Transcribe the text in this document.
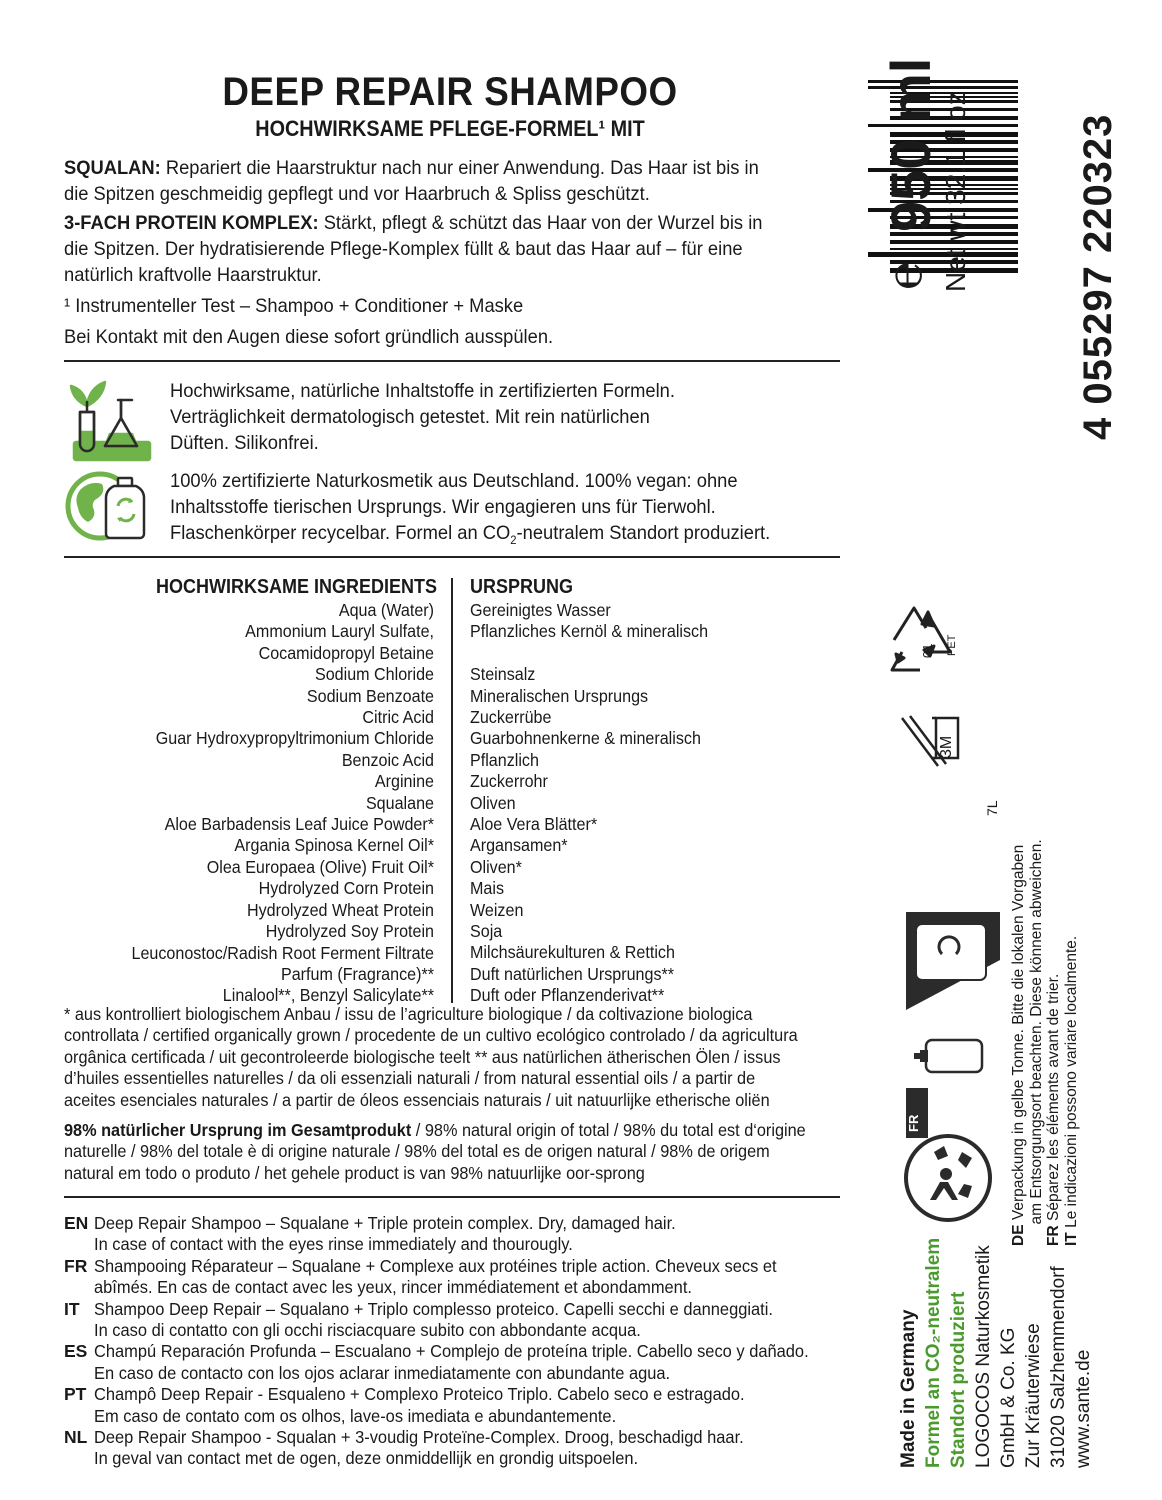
DEEP REPAIR SHAMPOO
HOCHWIRKSAME PFLEGE-FORMEL¹ MIT
SQUALAN: Repariert die Haarstruktur nach nur einer Anwendung. Das Haar ist bis in
die Spitzen geschmeidig gepflegt und vor Haarbruch & Spliss geschützt.
3-FACH PROTEIN KOMPLEX: Stärkt, pflegt & schützt das Haar von der Wurzel bis in
die Spitzen. Der hydratisierende Pflege-Komplex füllt & baut das Haar auf – für eine
natürlich kraftvolle Haarstruktur.
¹ Instrumenteller Test – Shampoo + Conditioner + Maske
Bei Kontakt mit den Augen diese sofort gründlich ausspülen.
Hochwirksame, natürliche Inhaltstoffe in zertifizierten Formeln.
Verträglichkeit dermatologisch getestet. Mit rein natürlichen
Düften. Silikonfrei.
100% zertifizierte Naturkosmetik aus Deutschland. 100% vegan: ohne
Inhaltsstoffe tierischen Ursprungs. Wir engagieren uns für Tierwohl.
Flaschenkörper recycelbar. Formel an $CO_2$-neutralem Standort produziert.
HOCHWIRKSAME INGREDIENTS URSPRUNG
Aqua (Water)
Ammonium Lauryl Sulfate,
Cocamidopropyl Betaine
Sodium Chloride
Sodium Benzoate
Citric Acid
Guar Hydroxypropyltrimonium Chloride
Benzoic Acid
Arginine
Squalane
Aloe Barbadensis Leaf Juice Powder*
Argania Spinosa Kernel Oil*
Olea Europaea (Olive) Fruit Oil*
Hydrolyzed Corn Protein
Hydrolyzed Wheat Protein
Hydrolyzed Soy Protein
Leuconostoc/Radish Root Ferment Filtrate
Parfum (Fragrance)**
Linalool**, Benzyl Salicylate**
Gereinigtes Wasser
Pflanzliches Kernöl & mineralisch
Steinsalz
Mineralischen Ursprungs
Zuckerrübe
Guarbohnenkerne & mineralisch
Pflanzlich
Zuckerrohr
Oliven
Aloe Vera Blätter*
Argansamen*
Oliven*
Mais
Weizen
Soja
Milchsäurekulturen & Rettich
Duft natürlichen Ursprungs**
Duft oder Pflanzenderivat**
* aus kontrolliert biologischem Anbau / issu de l’agriculture biologique / da coltivazione biologica
controllata / certified organically grown / procedente de un cultivo ecológico controlado / da agricultura
orgânica certificada / uit gecontroleerde biologische teelt ** aus natürlichen ätherischen Ölen / issus
d’huiles essentielles naturelles / da oli essenziali naturali / from natural essential oils / a partir de
aceites esenciales naturales / a partir de óleos essenciais naturais / uit natuurlijke etherische oliën
98% natürlicher Ursprung im Gesamtprodukt / 98% natural origin of total / 98% du total est d‘origine
naturelle / 98% del totale è di origine naturale / 98% del total es de origen natural / 98% de origem
natural em todo o produto / het gehele product is van 98% natuurlijke oor-sprong
EN Deep Repair Shampoo – Squalane + Triple protein complex. Dry, damaged hair.
In case of contact with the eyes rinse immediately and thourougly.
FR Shampooing Réparateur – Squalane + Complexe aux protéines triple action. Cheveux secs et
abîmés. En cas de contact avec les yeux, rincer immédiatement et abondamment.
IT Shampoo Deep Repair – Squalano + Triplo complesso proteico. Capelli secchi e danneggiati.
In caso di contatto con gli occhi risciacquare subito con abbondante acqua.
ES Champú Reparación Profunda – Escualano + Complejo de proteína triple. Cabello seco y dañado.
En caso de contacto con los ojos aclarar inmediatamente con abundante agua.
PT Champô Deep Repair - Esqualeno + Complexo Proteico Triplo. Cabelo seco e estragado.
Em caso de contato com os olhos, lave-os imediata e abundantemente.
NL Deep Repair Shampoo - Squalan + 3-voudig Proteïne-Complex. Droog, beschadigd haar.
In geval van contact met de ogen, deze onmiddellijk en grondig uitspoelen.
4 055297 220323
950 ml
Net wt 32.1 fl oz
℮
01 PET
3M
7L
FR
DE Verpackung in gelbe Tonne. Bitte die lokalen Vorgaben am Entsorgungsort beachten. Diese können abweichen.
FR Séparez les éléments avant de trier.
IT Le indicazioni possono variare localmente.
Made in Germany Formel an CO₂-neutralem Standort produziert LOGOCOS Naturkosmetik GmbH & Co. KG Zur Kräuterwiese 31020 Salzhemmendorf www.sante.de
